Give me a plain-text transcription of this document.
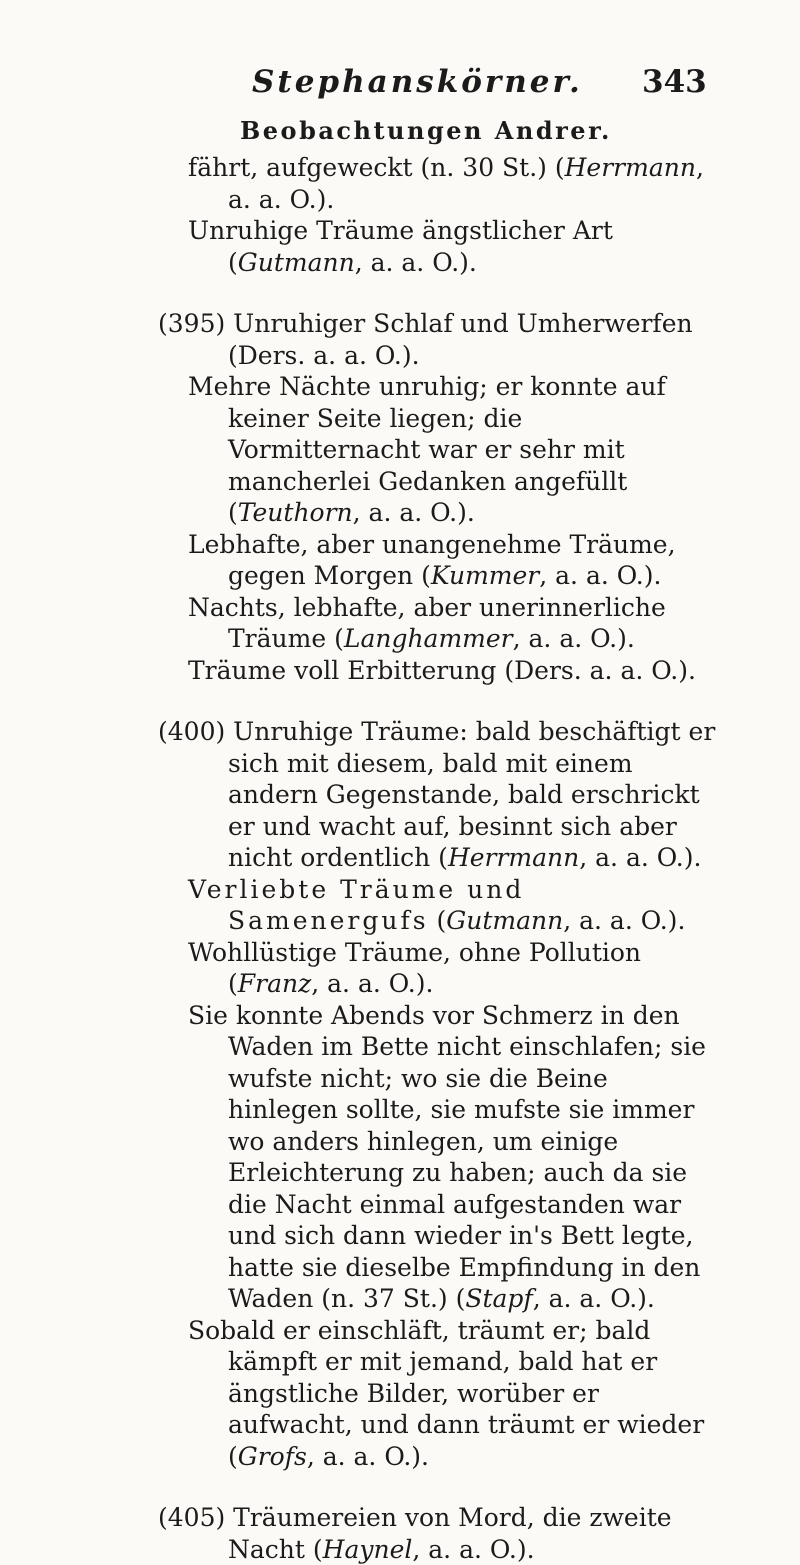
Stephanskörner. 343
Beobachtungen Andrer.

fährt, aufgeweckt (n. 30 St.) (Herrmann, a. a. O.).

Unruhige Träume ängstlicher Art (Gutmann, a. a. O.).

(395) Unruhiger Schlaf und Umherwerfen (Ders. a. a. O.).

Mehre Nächte unruhig; er konnte auf keiner Seite liegen; die Vormitternacht war er sehr mit mancherlei Gedanken angefüllt (Teuthorn, a. a. O.).

Lebhafte, aber unangenehme Träume, gegen Morgen (Kummer, a. a. O.).

Nachts, lebhafte, aber unerinnerliche Träume (Langhammer, a. a. O.).

Träume voll Erbitterung (Ders. a. a. O.).

(400) Unruhige Träume: bald beschäftigt er sich mit diesem, bald mit einem andern Gegenstande, bald erschrickt er und wacht auf, besinnt sich aber nicht ordentlich (Herrmann, a. a. O.).

Verliebte Träume und Samenergufs (Gutmann, a. a. O.).

Wohllüstige Träume, ohne Pollution (Franz, a. a. O.).

Sie konnte Abends vor Schmerz in den Waden im Bette nicht einschlafen; sie wufste nicht; wo sie die Beine hinlegen sollte, sie mufste sie immer wo anders hinlegen, um einige Erleichterung zu haben; auch da sie die Nacht einmal aufgestanden war und sich dann wieder in's Bett legte, hatte sie dieselbe Empfindung in den Waden (n. 37 St.) (Stapf, a. a. O.).

Sobald er einschläft, träumt er; bald kämpft er mit jemand, bald hat er ängstliche Bilder, worüber er aufwacht, und dann träumt er wieder (Grofs, a. a. O.).

(405) Träumereien von Mord, die zweite Nacht (Haynel, a. a. O.).
